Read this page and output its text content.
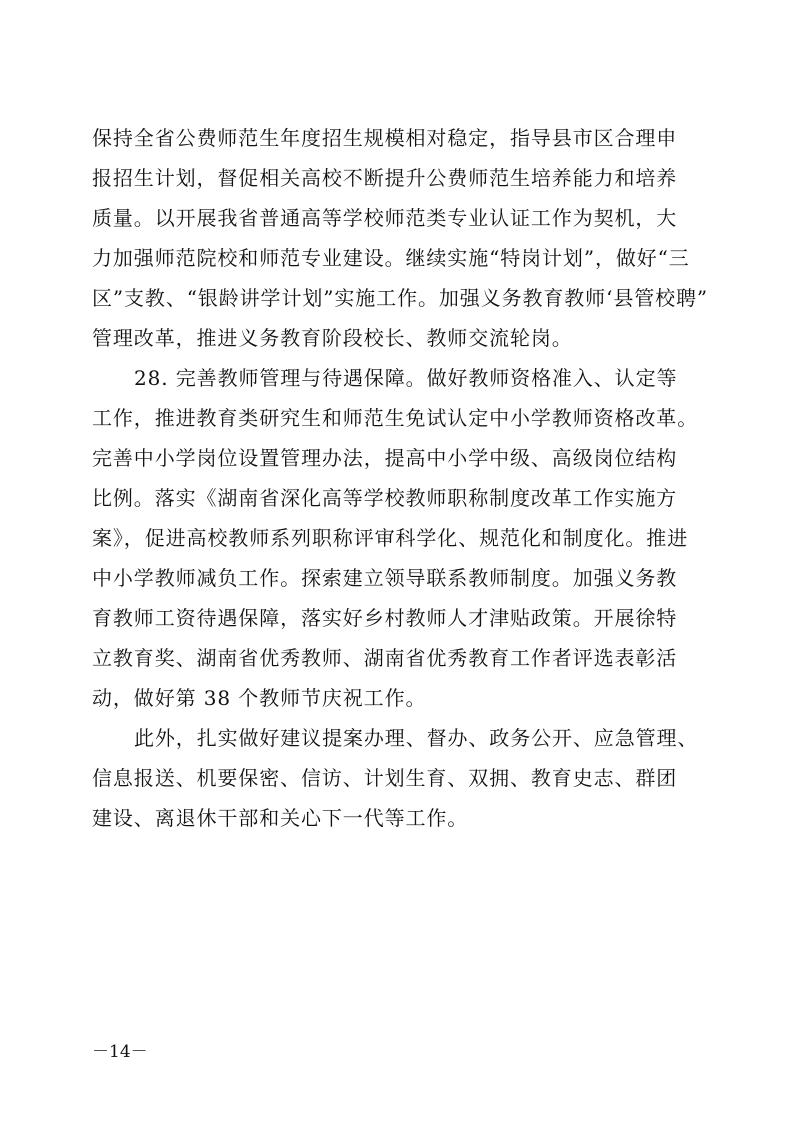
保持全省公费师范生年度招生规模相对稳定，指导县市区合理申
报招生计划，督促相关高校不断提升公费师范生培养能力和培养
质量。以开展我省普通高等学校师范类专业认证工作为契机，大
力加强师范院校和师范专业建设。继续实施“特岗计划”，做好“三
区”支教、“银龄讲学计划”实施工作。加强义务教育教师‘县管校聘”
管理改革，推进义务教育阶段校长、教师交流轮岗。
28. 完善教师管理与待遇保障。做好教师资格准入、认定等
工作，推进教育类研究生和师范生免试认定中小学教师资格改革。
完善中小学岗位设置管理办法，提高中小学中级、高级岗位结构
比例。落实《湖南省深化高等学校教师职称制度改革工作实施方
案》，促进高校教师系列职称评审科学化、规范化和制度化。推进
中小学教师减负工作。探索建立领导联系教师制度。加强义务教
育教师工资待遇保障，落实好乡村教师人才津贴政策。开展徐特
立教育奖、湖南省优秀教师、湖南省优秀教育工作者评选表彰活
动，做好第 38 个教师节庆祝工作。
此外，扎实做好建议提案办理、督办、政务公开、应急管理、
信息报送、机要保密、信访、计划生育、双拥、教育史志、群团
建设、离退休干部和关心下一代等工作。
－14－
